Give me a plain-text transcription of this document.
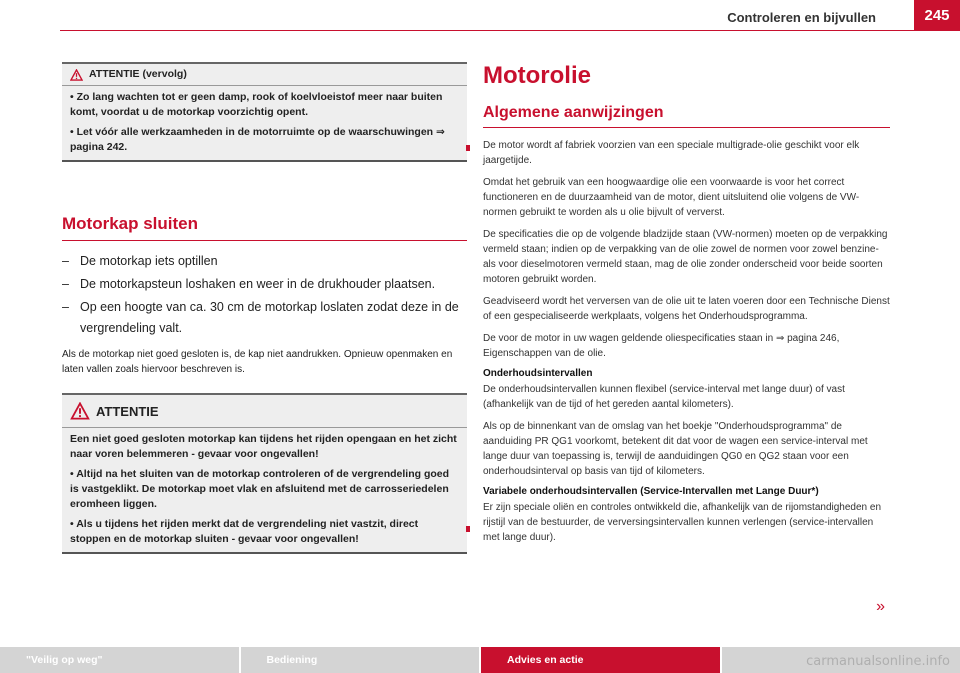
Controleren en bijvullen	245
ATTENTIE (vervolg)

• Zo lang wachten tot er geen damp, rook of koelvloeistof meer naar buiten komt, voordat u de motorkap voorzichtig opent.

• Let vóór alle werkzaamheden in de motorruimte op de waarschuwingen ⇒ pagina 242.

Motorkap sluiten
– De motorkap iets optillen
– De motorkapsteun loshaken en weer in de drukhouder plaatsen.
– Op een hoogte van ca. 30 cm de motorkap loslaten zodat deze in de vergrendeling valt.

Als de motorkap niet goed gesloten is, de kap niet aandrukken. Opnieuw openmaken en laten vallen zoals hiervoor beschreven is.

ATTENTIE

Een niet goed gesloten motorkap kan tijdens het rijden opengaan en het zicht naar voren belemmeren - gevaar voor ongevallen!

• Altijd na het sluiten van de motorkap controleren of de vergrendeling goed is vastgeklikt. De motorkap moet vlak en afsluitend met de carrosseriedelen eromheen liggen.

• Als u tijdens het rijden merkt dat de vergrendeling niet vastzit, direct stoppen en de motorkap sluiten - gevaar voor ongevallen!

Motorolie
Algemene aanwijzingen

De motor wordt af fabriek voorzien van een speciale multigrade-olie geschikt voor elk jaargetijde.

Omdat het gebruik van een hoogwaardige olie een voorwaarde is voor het correct functioneren en de duurzaamheid van de motor, dient uitsluitend olie volgens de VW-normen gebruikt te worden als u olie bijvult of ververst.

De specificaties die op de volgende bladzijde staan (VW-normen) moeten op de verpakking vermeld staan; indien op de verpakking van de olie zowel de normen voor zowel benzine- als voor dieselmotoren vermeld staan, mag de olie zonder onderscheid voor beide soorten motoren gebruikt worden.

Geadviseerd wordt het verversen van de olie uit te laten voeren door een Technische Dienst of een gespecialiseerde werkplaats, volgens het Onderhoudsprogramma.

De voor de motor in uw wagen geldende oliespecificaties staan in ⇒ pagina 246, Eigenschappen van de olie.

Onderhoudsintervallen

De onderhoudsintervallen kunnen flexibel (service-interval met lange duur) of vast (afhankelijk van de tijd of het gereden aantal kilometers).

Als op de binnenkant van de omslag van het boekje "Onderhoudsprogramma" de aanduiding PR QG1 voorkomt, betekent dit dat voor de wagen een service-interval met lange duur van toepassing is, terwijl de aanduidingen QG0 en QG2 staan voor een onderhoudsinterval op basis van tijd of kilometers.

Variabele onderhoudsintervallen (Service-Intervallen met Lange Duur*)

Er zijn speciale oliën en controles ontwikkeld die, afhankelijk van de rijomstandigheden en rijstijl van de bestuurder, de verversingsintervallen kunnen verlengen (service-intervallen met lange duur).

»
"Veilig op weg"	Bediening	Advies en actie	carmanualsonline.info
